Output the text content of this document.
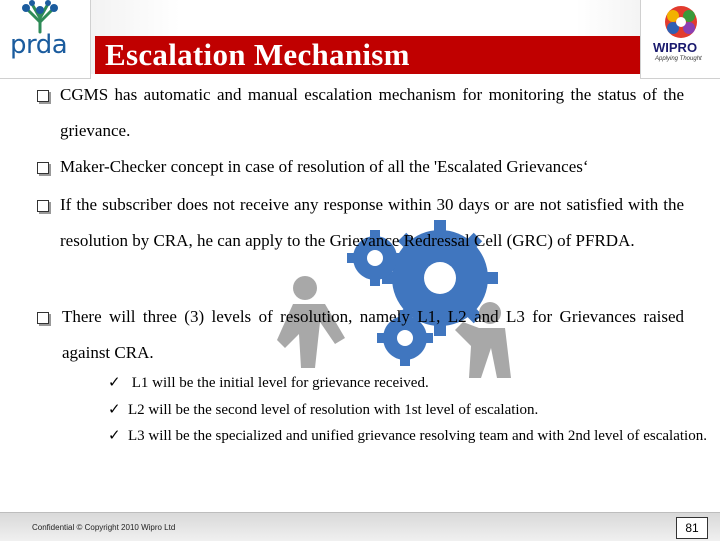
Escalation Mechanism
prda	WIPRO
Applying Thought
CGMS has automatic and manual escalation mechanism for monitoring the status of the grievance.
Maker-Checker concept in case of resolution of all the 'Escalated Grievances‘
If the subscriber does not receive any response within 30 days or are not satisfied with the resolution by CRA, he can apply to the Grievance Redressal Cell (GRC) of PFRDA.
There will three (3) levels of resolution, namely L1, L2 and L3 for Grievances raised against CRA.
✓ L1 will be the initial level for grievance received.
✓ L2 will be the second level of resolution with 1st level of escalation.
✓ L3 will be the specialized and unified grievance resolving team and with 2nd level of escalation.
Confidential © Copyright 2010 Wipro Ltd	81
